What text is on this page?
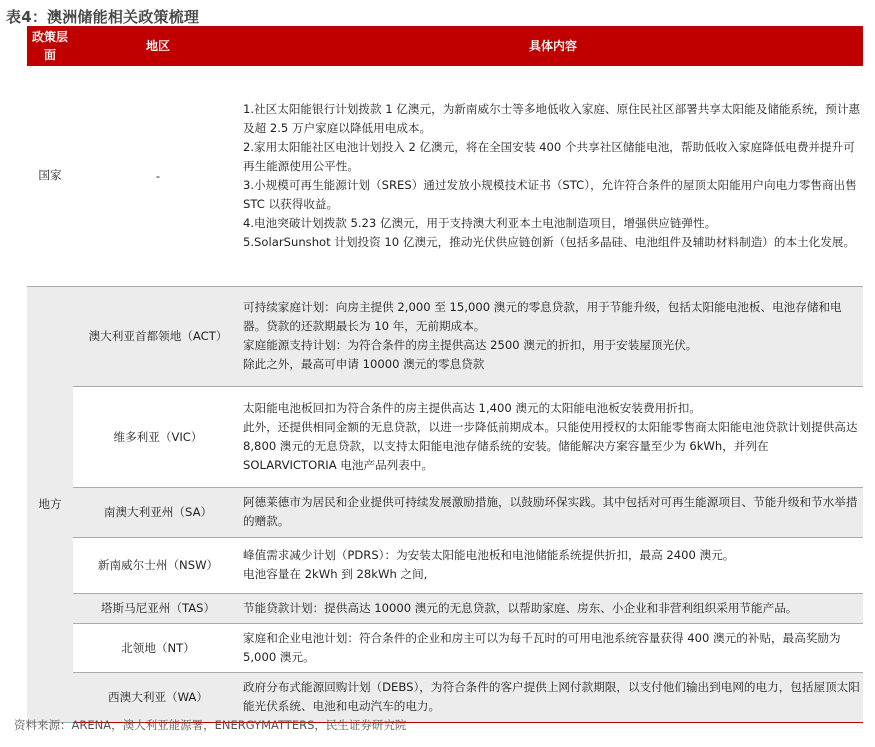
表4：澳洲储能相关政策梳理
政策层面	地区	具体内容
国家	-	1.社区太阳能银行计划拨款 1 亿澳元，为新南威尔士等多地低收入家庭、原住民社区部署共享太阳能及储能系统，预计惠及超 2.5 万户家庭以降低用电成本。
2.家用太阳能社区电池计划投入 2 亿澳元，将在全国安装 400 个共享社区储能电池，帮助低收入家庭降低电费并提升可再生能源使用公平性。
3.小规模可再生能源计划（SRES）通过发放小规模技术证书（STC），允许符合条件的屋顶太阳能用户向电力零售商出售 STC 以获得收益。
4.电池突破计划拨款 5.23 亿澳元，用于支持澳大利亚本土电池制造项目，增强供应链弹性。
5.SolarSunshot 计划投资 10 亿澳元，推动光伏供应链创新（包括多晶硅、电池组件及辅助材料制造）的本土化发展。

地方	澳大利亚首都领地（ACT）	可持续家庭计划：向房主提供 2,000 至 15,000 澳元的零息贷款，用于节能升级，包括太阳能电池板、电池存储和电器。贷款的还款期最长为 10 年，无前期成本。
家庭能源支持计划：为符合条件的房主提供高达 2500 澳元的折扣，用于安装屋顶光伏。
除此之外，最高可申请 10000 澳元的零息贷款

	维多利亚（VIC）	太阳能电池板回扣为符合条件的房主提供高达 1,400 澳元的太阳能电池板安装费用折扣。
此外，还提供相同金额的无息贷款，以进一步降低前期成本。只能使用授权的太阳能零售商太阳能电池贷款计划提供高达 8,800 澳元的无息贷款，以支持太阳能电池存储系统的安装。储能解决方案容量至少为 6kWh，并列在 SOLARVICTORIA 电池产品列表中。

	南澳大利亚州（SA）	阿德莱德市为居民和企业提供可持续发展激励措施，以鼓励环保实践。其中包括对可再生能源项目、节能升级和节水举措的赠款。

	新南威尔士州（NSW）	峰值需求减少计划（PDRS）：为安装太阳能电池板和电池储能系统提供折扣，最高 2400 澳元。
电池容量在 2kWh 到 28kWh 之间,

	塔斯马尼亚州（TAS）	节能贷款计划：提供高达 10000 澳元的无息贷款，以帮助家庭、房东、小企业和非营利组织采用节能产品。

	北领地（NT）	家庭和企业电池计划：符合条件的企业和房主可以为每千瓦时的可用电池系统容量获得 400 澳元的补贴，最高奖励为 5,000 澳元。

	西澳大利亚（WA）	政府分布式能源回购计划（DEBS），为符合条件的客户提供上网付款期限，以支付他们输出到电网的电力，包括屋顶太阳能光伏系统、电池和电动汽车的电力。
资料来源：ARENA，澳大利亚能源署，ENERGYMATTERS，民生证券研究院
